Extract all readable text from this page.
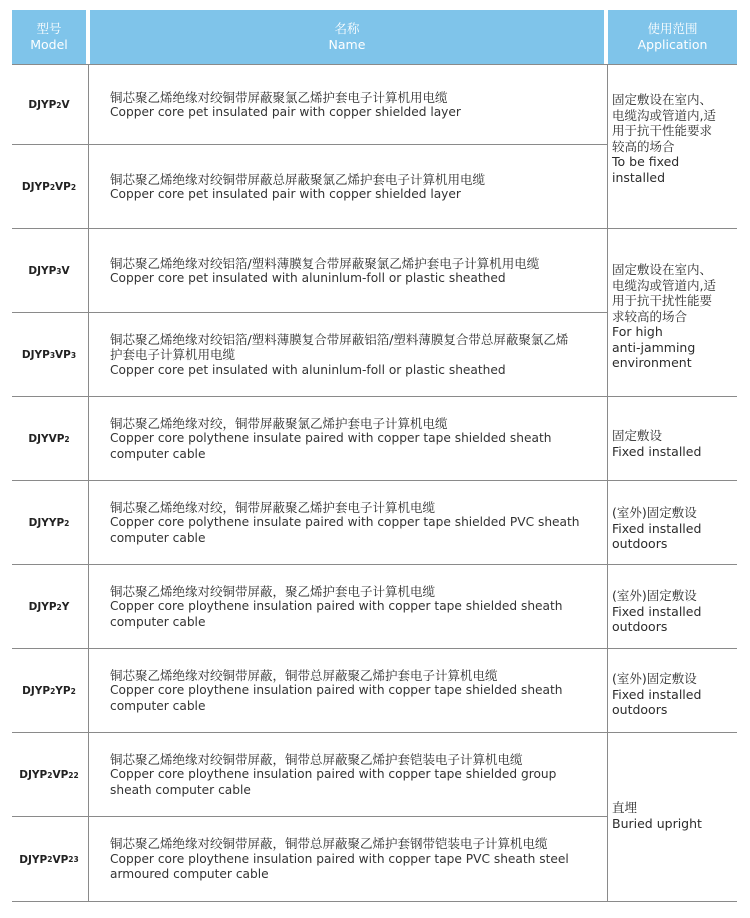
型号
Model
名称
Name
使用范围
Application
DJYP 2 V
铜芯聚乙烯绝缘对绞铜带屏蔽聚氯乙烯护套电子计算机用电缆
Copper core pet insulated pair with copper shielded layer
DJYP 2 VP 2
铜芯聚乙烯绝缘对绞铜带屏蔽总屏蔽聚氯乙烯护套电子计算机用电缆
Copper core pet insulated pair with copper shielded layer
DJYP 3 V
铜芯聚乙烯绝缘对绞铝箔/塑料薄膜复合带屏蔽聚氯乙烯护套电子计算机用电缆
Copper core pet insulated with aluninlum-foll or plastic sheathed
DJYP 3 VP 3
铜芯聚乙烯绝缘对绞铝箔/塑料薄膜复合带屏蔽铝箔/塑料薄膜复合带总屏蔽聚氯乙烯护套电子计算机用电缆
Copper core pet insulated with aluninlum-foll or plastic sheathed
DJYVP 2
铜芯聚乙烯绝缘对绞，铜带屏蔽聚氯乙烯护套电子计算机电缆
Copper core polythene insulate paired with copper tape shielded sheath
computer cable
DJYYP 2
铜芯聚乙烯绝缘对绞，铜带屏蔽聚乙烯护套电子计算机电缆
Copper core polythene insulate paired with copper tape shielded PVC sheath
computer cable
DJYP 2 Y
铜芯聚乙烯绝缘对绞铜带屏蔽，聚乙烯护套电子计算机电缆
Copper core ploythene insulation paired with copper tape shielded sheath
computer cable
DJYP 2 YP 2
铜芯聚乙烯绝缘对绞铜带屏蔽，铜带总屏蔽聚乙烯护套电子计算机电缆
Copper core ploythene insulation paired with copper tape shielded sheath
computer cable
DJYP 2 VP 22
铜芯聚乙烯绝缘对绞铜带屏蔽，铜带总屏蔽聚乙烯护套铠装电子计算机电缆
Copper core ploythene insulation paired with copper tape shielded group
sheath computer cable
DJYP 2 VP 23
铜芯聚乙烯绝缘对绞铜带屏蔽，铜带总屏蔽聚乙烯护套钢带铠装电子计算机电缆
Copper core ploythene insulation paired with copper tape PVC sheath steel
armoured computer cable
固定敷设在室内、
电缆沟或管道内,适
用于抗干性能要求
较高的场合
To be fixed
installed
固定敷设在室内、
电缆沟或管道内,适
用于抗干扰性能要
求较高的场合
For high
anti-jamming
environment
固定敷设
Fixed installed
(室外)固定敷设
Fixed installed
outdoors
(室外)固定敷设
Fixed installed
outdoors
(室外)固定敷设
Fixed installed
outdoors
直埋
Buried upright
